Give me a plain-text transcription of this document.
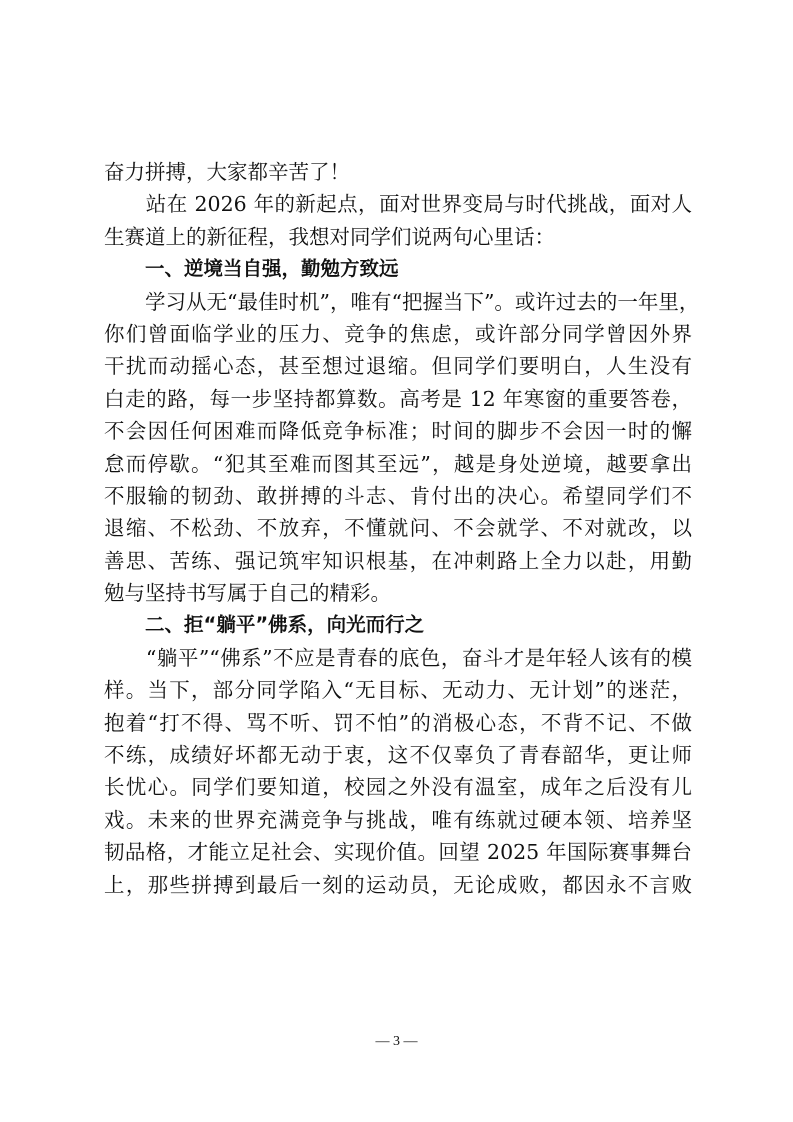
奋力拼搏，大家都辛苦了！
　　站在 2026 年的新起点，面对世界变局与时代挑战，面对人
生赛道上的新征程，我想对同学们说两句心里话：
一、逆境当自强，勤勉方致远
　　学习从无“最佳时机”，唯有“把握当下”。或许过去的一年里，
你们曾面临学业的压力、竞争的焦虑，或许部分同学曾因外界
干扰而动摇心态，甚至想过退缩。但同学们要明白，人生没有
白走的路，每一步坚持都算数。高考是 12 年寒窗的重要答卷，
不会因任何困难而降低竞争标准；时间的脚步不会因一时的懈
怠而停歇。“犯其至难而图其至远”，越是身处逆境，越要拿出
不服输的韧劲、敢拼搏的斗志、肯付出的决心。希望同学们不
退缩、不松劲、不放弃，不懂就问、不会就学、不对就改，以
善思、苦练、强记筑牢知识根基，在冲刺路上全力以赴，用勤
勉与坚持书写属于自己的精彩。
二、拒“躺平”佛系，向光而行之
　　“躺平”“佛系”不应是青春的底色，奋斗才是年轻人该有的模
样。当下，部分同学陷入“无目标、无动力、无计划”的迷茫，
抱着“打不得、骂不听、罚不怕”的消极心态，不背不记、不做
不练，成绩好坏都无动于衷，这不仅辜负了青春韶华，更让师
长忧心。同学们要知道，校园之外没有温室，成年之后没有儿
戏。未来的世界充满竞争与挑战，唯有练就过硬本领、培养坚
韧品格，才能立足社会、实现价值。回望 2025 年国际赛事舞台
上，那些拼搏到最后一刻的运动员，无论成败，都因永不言败
— 3 —
